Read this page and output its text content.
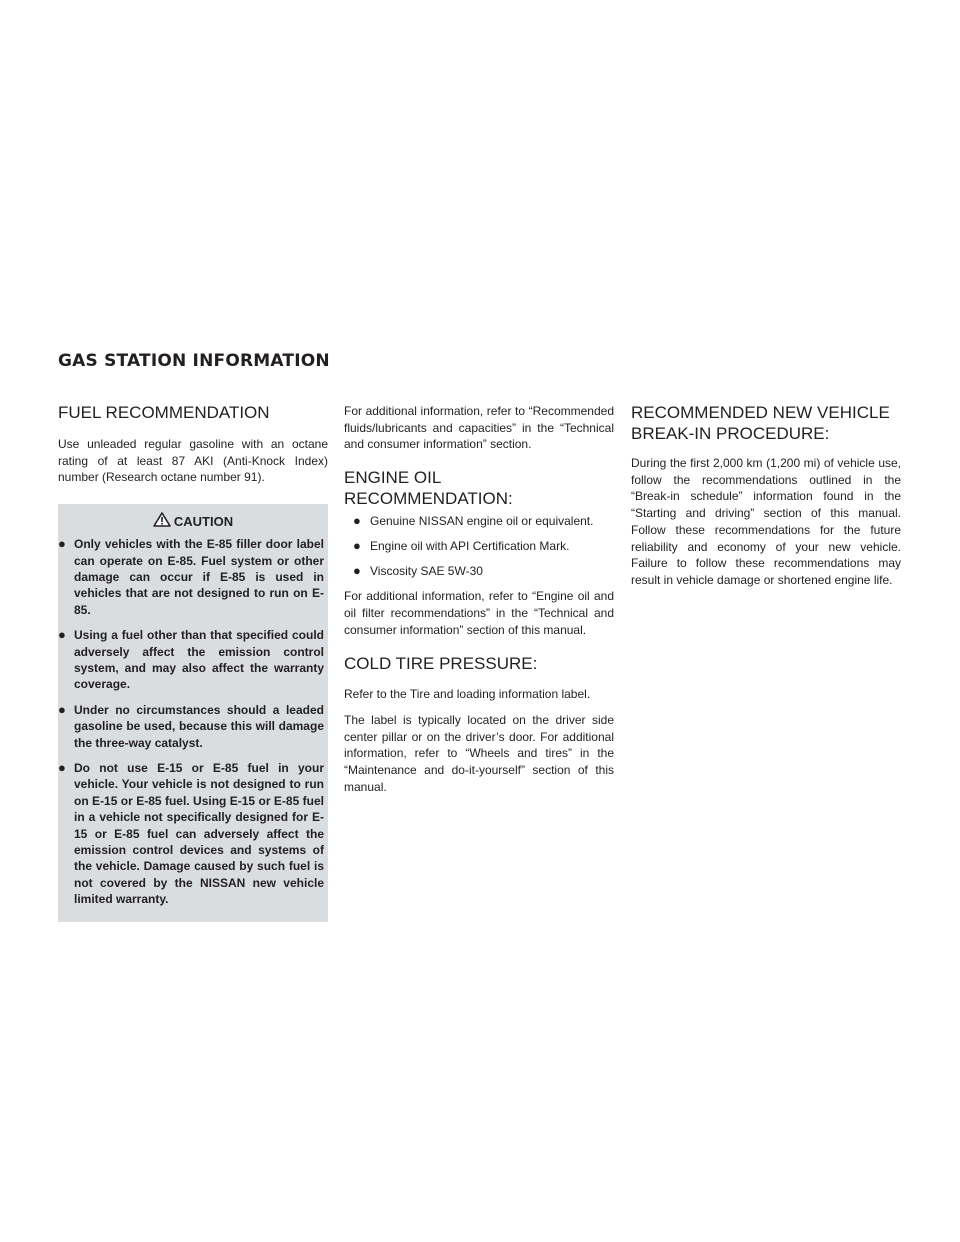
GAS STATION INFORMATION
FUEL RECOMMENDATION

Use unleaded regular gasoline with an octane rating of at least 87 AKI (Anti-Knock Index) number (Research octane number 91).

CAUTION
● Only vehicles with the E-85 filler door label can operate on E-85. Fuel system or other damage can occur if E-85 is used in vehicles that are not designed to run on E-85.
● Using a fuel other than that specified could adversely affect the emission control system, and may also affect the warranty coverage.
● Under no circumstances should a leaded gasoline be used, because this will damage the three-way catalyst.
● Do not use E-15 or E-85 fuel in your vehicle. Your vehicle is not designed to run on E-15 or E-85 fuel. Using E-15 or E-85 fuel in a vehicle not specifically designed for E-15 or E-85 fuel can adversely affect the emission control devices and systems of the vehicle. Damage caused by such fuel is not covered by the NISSAN new vehicle limited warranty.

For additional information, refer to “Recommended fluids/lubricants and capacities” in the “Technical and consumer information” section.

ENGINE OIL RECOMMENDATION:
● Genuine NISSAN engine oil or equivalent.
● Engine oil with API Certification Mark.
● Viscosity SAE 5W-30

For additional information, refer to “Engine oil and oil filter recommendations” in the “Technical and consumer information” section of this manual.

COLD TIRE PRESSURE:

Refer to the Tire and loading information label.

The label is typically located on the driver side center pillar or on the driver’s door. For additional information, refer to “Wheels and tires” in the “Maintenance and do-it-yourself” section of this manual.

RECOMMENDED NEW VEHICLE BREAK-IN PROCEDURE:

During the first 2,000 km (1,200 mi) of vehicle use, follow the recommendations outlined in the “Break-in schedule” information found in the “Starting and driving” section of this manual. Follow these recommendations for the future reliability and economy of your new vehicle. Failure to follow these recommendations may result in vehicle damage or shortened engine life.
